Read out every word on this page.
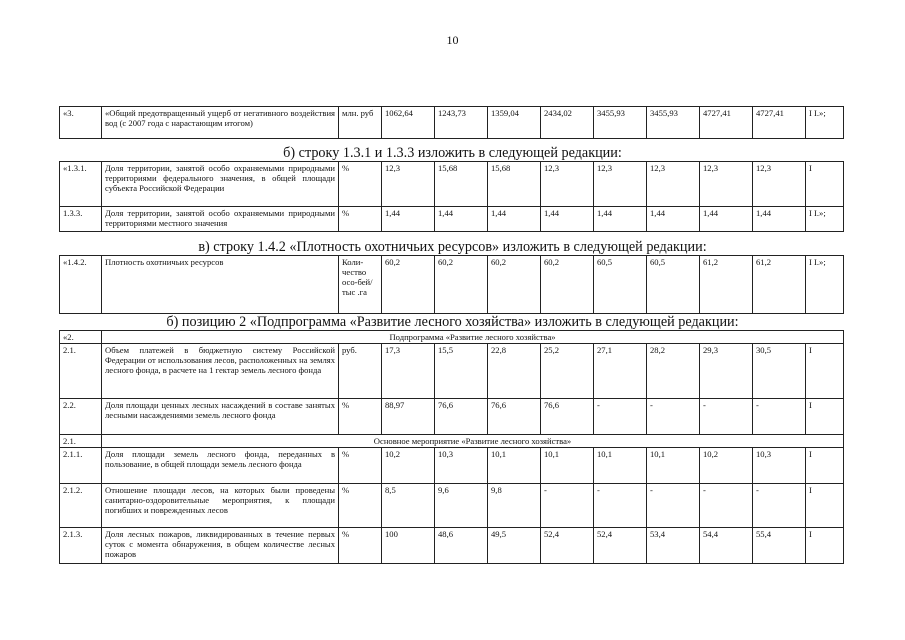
10
«3.	«Общий предотвращенный ущерб от негативного воздействия вод (с 2007 года с нарастающим итогом)	млн. руб	1062,64	1243,73	1359,04	2434,02	3455,93	3455,93	4727,41	4727,41	I I.»;
б) строку 1.3.1 и 1.3.3 изложить в следующей редакции:
«1.3.1.	Доля территории, занятой особо охраняемыми природными территориями федерального значения, в общей площади субъекта Российской Федерации	%	12,3	15,68	15,68	12,3	12,3	12,3	12,3	12,3	I
1.3.3.	Доля территории, занятой особо охраняемыми природными территориями местного значения	%	1,44	1,44	1,44	1,44	1,44	1,44	1,44	1,44	I I.»;
в) строку 1.4.2 «Плотность охотничьих ресурсов» изложить в следующей редакции:
«1.4.2.	Плотность охотничьих ресурсов	Коли-чество осо-бей/тыс .га	60,2	60,2	60,2	60,2	60,5	60,5	61,2	61,2	I I.»;
б) позицию 2 «Подпрограмма «Развитие лесного хозяйства» изложить в следующей редакции:
«2.	Подпрограмма «Развитие лесного хозяйства»										
2.1.	Объем платежей в бюджетную систему Российской Федерации от использования лесов, расположенных на землях лесного фонда, в расчете на 1 гектар земель лесного фонда	руб.	17,3	15,5	22,8	25,2	27,1	28,2	29,3	30,5	I
2.2.	Доля площади ценных лесных насаждений в составе занятых лесными насаждениями земель лесного фонда	%	88,97	76,6	76,6	76,6	-	-	-	-	I
2.1.	Основное мероприятие «Развитие лесного хозяйства»										
2.1.1.	Доля площади земель лесного фонда, переданных в пользование, в общей площади земель лесного фонда	%	10,2	10,3	10,1	10,1	10,1	10,1	10,2	10,3	I
2.1.2.	Отношение площади лесов, на которых были проведены санитарно-оздоровительные мероприятия, к площади погибших и поврежденных лесов	%	8,5	9,6	9,8	-	-	-	-	-	I
2.1.3.	Доля лесных пожаров, ликвидированных в течение первых суток с момента обнаружения, в общем количестве лесных пожаров	%	100	48,6	49,5	52,4	52,4	53,4	54,4	55,4	I
